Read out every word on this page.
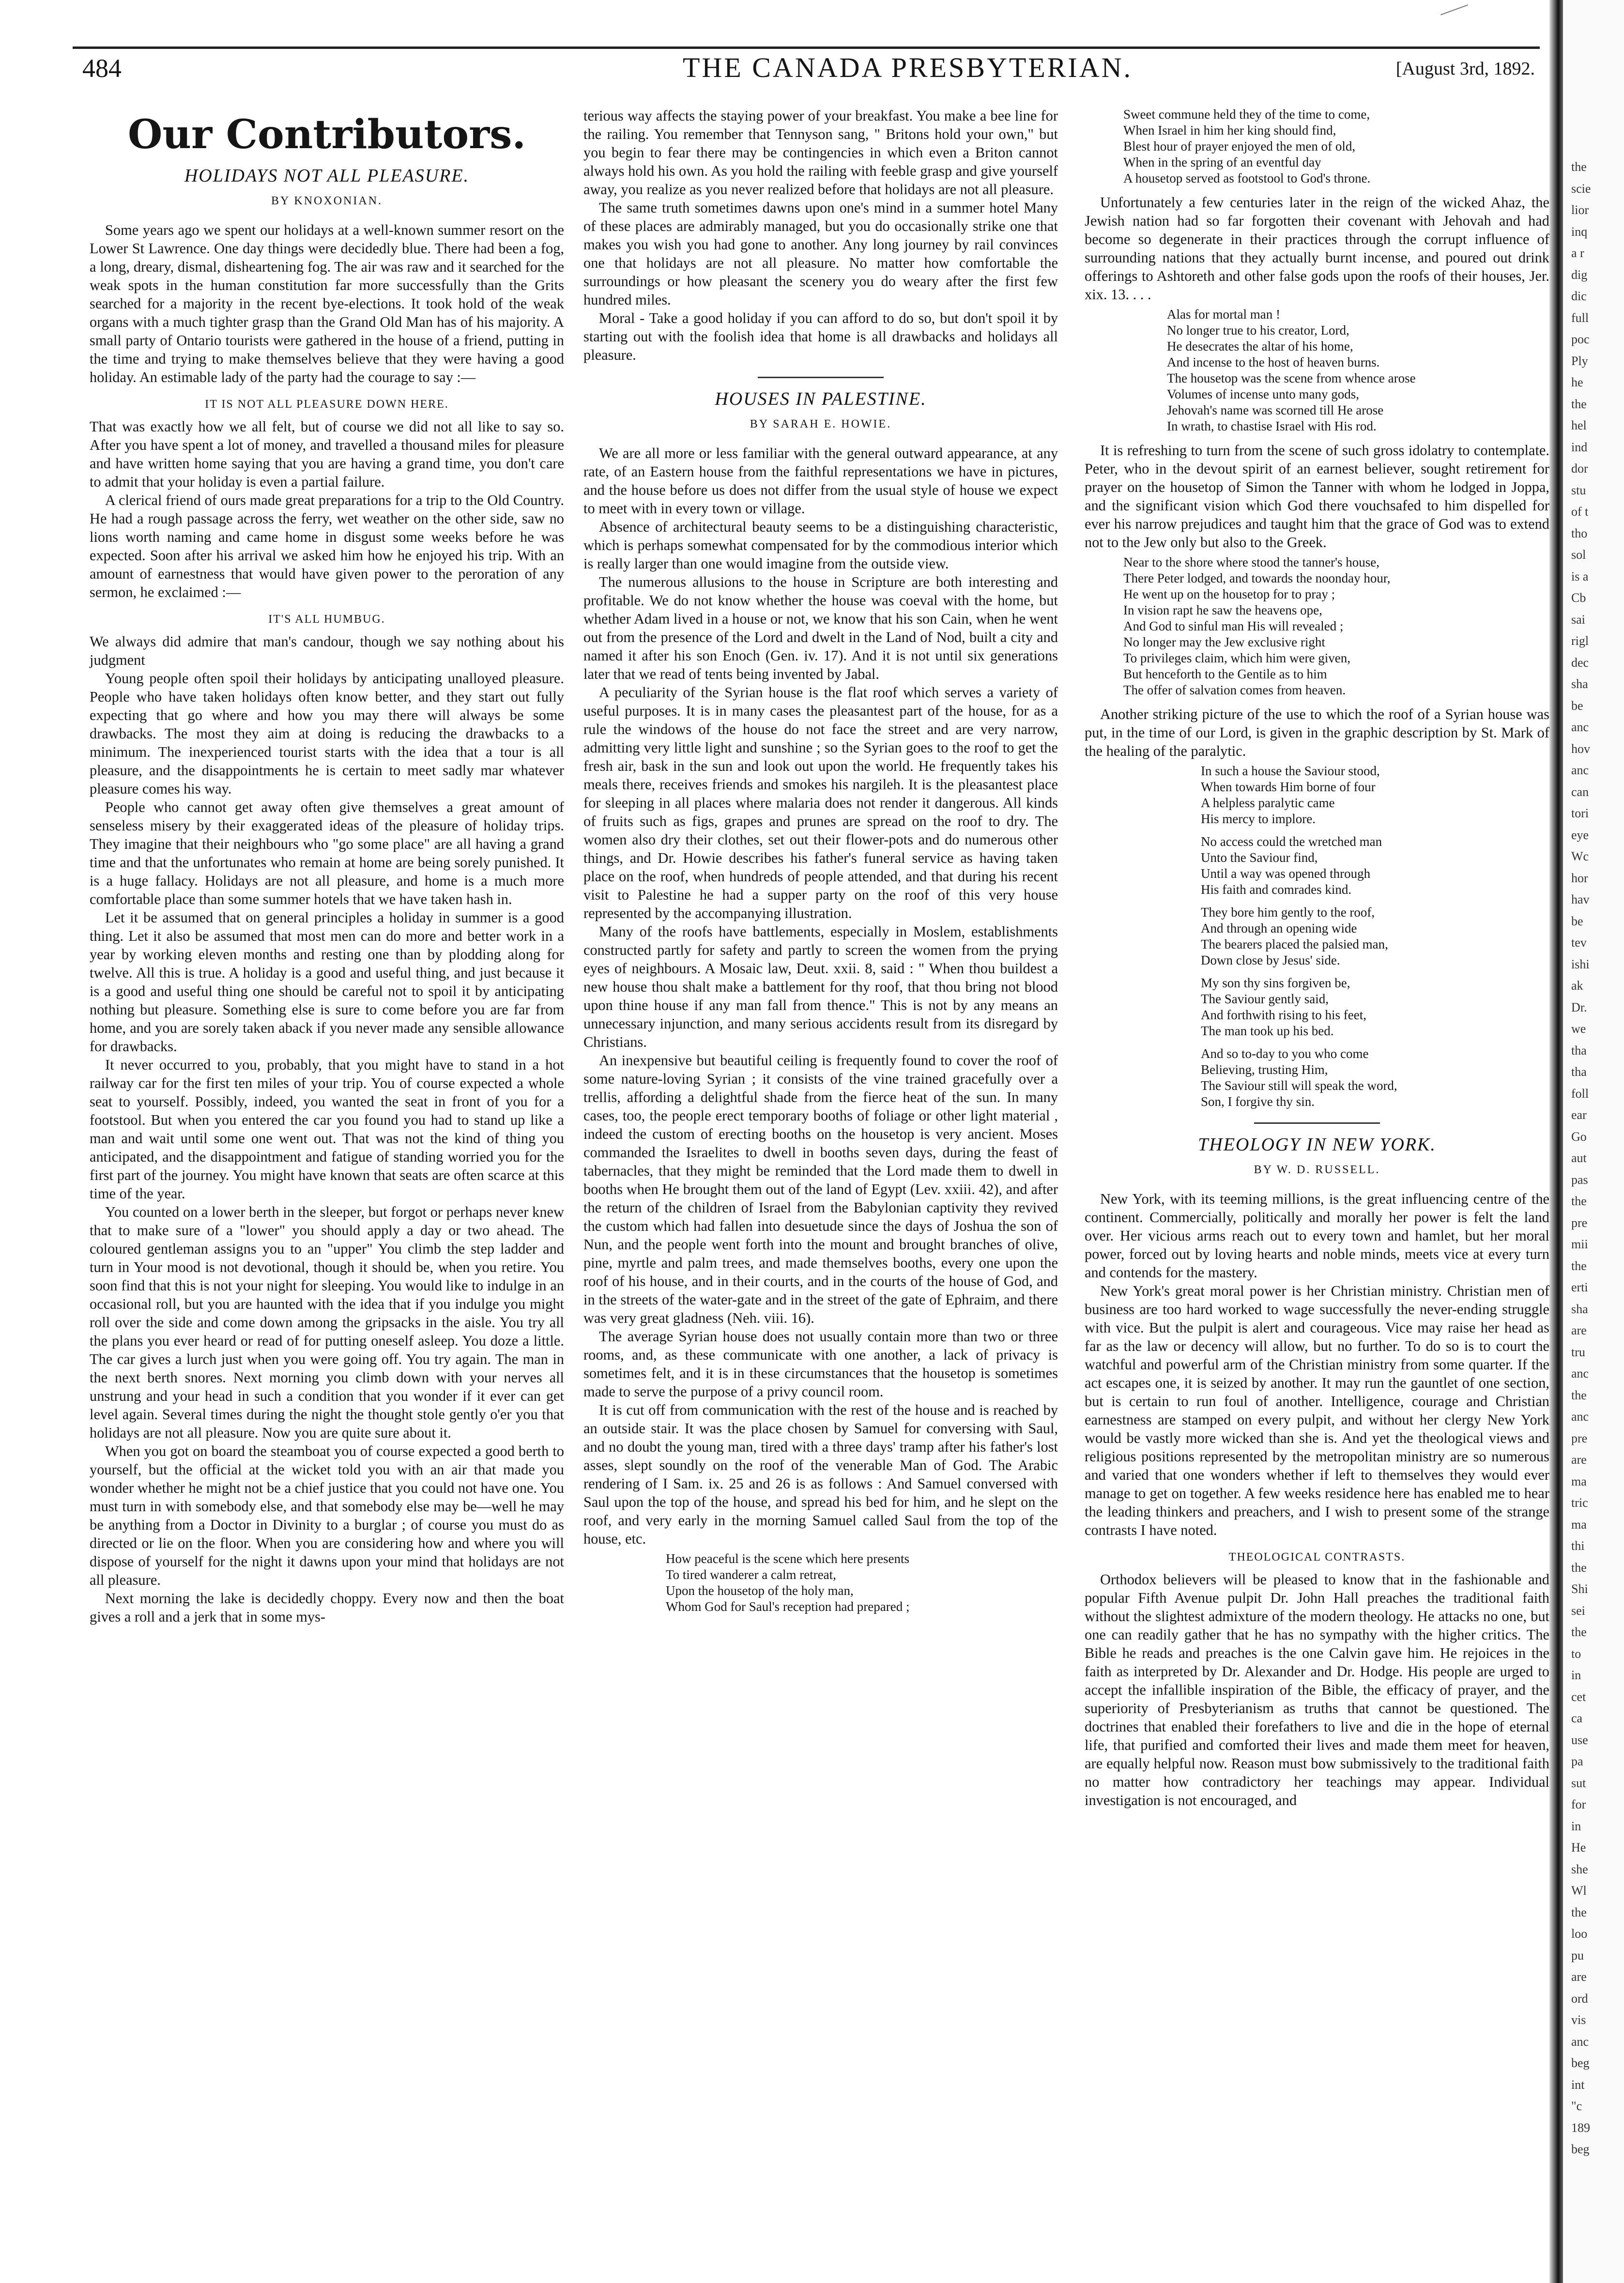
484	THE CANADA PRESBYTERIAN.	[August 3rd, 1892.
Our Contributors.
HOLIDAYS NOT ALL PLEASURE.
BY KNOXONIAN.

Some years ago we spent our holidays at a well-known summer resort on the Lower St Lawrence. One day things were decidedly blue. There had been a fog, a long, dreary, dismal, disheartening fog. The air was raw and it searched for the weak spots in the human constitution far more successfully than the Grits searched for a majority in the recent bye-elections. It took hold of the weak organs with a much tighter grasp than the Grand Old Man has of his majority. A small party of Ontario tourists were gathered in the house of a friend, putting in the time and trying to make themselves believe that they were having a good holiday. An estimable lady of the party had the courage to say :—

IT IS NOT ALL PLEASURE DOWN HERE.

That was exactly how we all felt, but of course we did not all like to say so. After you have spent a lot of money, and travelled a thousand miles for pleasure and have written home saying that you are having a grand time, you don't care to admit that your holiday is even a partial failure.

A clerical friend of ours made great preparations for a trip to the Old Country. He had a rough passage across the ferry, wet weather on the other side, saw no lions worth naming and came home in disgust some weeks before he was expected. Soon after his arrival we asked him how he enjoyed his trip. With an amount of earnestness that would have given power to the peroration of any sermon, he exclaimed :—

IT'S ALL HUMBUG.

We always did admire that man's candour, though we say nothing about his judgment

Young people often spoil their holidays by anticipating unalloyed pleasure. People who have taken holidays often know better, and they start out fully expecting that go where and how you may there will always be some drawbacks. The most they aim at doing is reducing the drawbacks to a minimum. The inexperienced tourist starts with the idea that a tour is all pleasure, and the disappointments he is certain to meet sadly mar whatever pleasure comes his way.

People who cannot get away often give themselves a great amount of senseless misery by their exaggerated ideas of the pleasure of holiday trips. They imagine that their neighbours who "go some place" are all having a grand time and that the unfortunates who remain at home are being sorely punished. It is a huge fallacy. Holidays are not all pleasure, and home is a much more comfortable place than some summer hotels that we have taken hash in.

Let it be assumed that on general principles a holiday in summer is a good thing. Let it also be assumed that most men can do more and better work in a year by working eleven months and resting one than by plodding along for twelve. All this is true. A holiday is a good and useful thing, and just because it is a good and useful thing one should be careful not to spoil it by anticipating nothing but pleasure. Something else is sure to come before you are far from home, and you are sorely taken aback if you never made any sensible allowance for drawbacks.

It never occurred to you, probably, that you might have to stand in a hot railway car for the first ten miles of your trip. You of course expected a whole seat to yourself. Possibly, indeed, you wanted the seat in front of you for a footstool. But when you entered the car you found you had to stand up like a man and wait until some one went out. That was not the kind of thing you anticipated, and the disappointment and fatigue of standing worried you for the first part of the journey. You might have known that seats are often scarce at this time of the year.

You counted on a lower berth in the sleeper, but forgot or perhaps never knew that to make sure of a "lower" you should apply a day or two ahead. The coloured gentleman assigns you to an "upper" You climb the step ladder and turn in Your mood is not devotional, though it should be, when you retire. You soon find that this is not your night for sleeping. You would like to indulge in an occasional roll, but you are haunted with the idea that if you indulge you might roll over the side and come down among the gripsacks in the aisle. You try all the plans you ever heard or read of for putting oneself asleep. You doze a little. The car gives a lurch just when you were going off. You try again. The man in the next berth snores. Next morning you climb down with your nerves all unstrung and your head in such a condition that you wonder if it ever can get level again. Several times during the night the thought stole gently o'er you that holidays are not all pleasure. Now you are quite sure about it.

When you got on board the steamboat you of course expected a good berth to yourself, but the official at the wicket told you with an air that made you wonder whether he might not be a chief justice that you could not have one. You must turn in with somebody else, and that somebody else may be—well he may be anything from a Doctor in Divinity to a burglar ; of course you must do as directed or lie on the floor. When you are considering how and where you will dispose of yourself for the night it dawns upon your mind that holidays are not all pleasure.

Next morning the lake is decidedly choppy. Every now and then the boat gives a roll and a jerk that in some mys-

terious way affects the staying power of your breakfast. You make a bee line for the railing. You remember that Tennyson sang, " Britons hold your own," but you begin to fear there may be contingencies in which even a Briton cannot always hold his own. As you hold the railing with feeble grasp and give yourself away, you realize as you never realized before that holidays are not all pleasure.

The same truth sometimes dawns upon one's mind in a summer hotel Many of these places are admirably managed, but you do occasionally strike one that makes you wish you had gone to another. Any long journey by rail convinces one that holidays are not all pleasure. No matter how comfortable the surroundings or how pleasant the scenery you do weary after the first few hundred miles.

Moral - Take a good holiday if you can afford to do so, but don't spoil it by starting out with the foolish idea that home is all drawbacks and holidays all pleasure.

HOUSES IN PALESTINE.
BY SARAH E. HOWIE.

We are all more or less familiar with the general outward appearance, at any rate, of an Eastern house from the faithful representations we have in pictures, and the house before us does not differ from the usual style of house we expect to meet with in every town or village.

Absence of architectural beauty seems to be a distinguishing characteristic, which is perhaps somewhat compensated for by the commodious interior which is really larger than one would imagine from the outside view.

The numerous allusions to the house in Scripture are both interesting and profitable. We do not know whether the house was coeval with the home, but whether Adam lived in a house or not, we know that his son Cain, when he went out from the presence of the Lord and dwelt in the Land of Nod, built a city and named it after his son Enoch (Gen. iv. 17). And it is not until six generations later that we read of tents being invented by Jabal.

A peculiarity of the Syrian house is the flat roof which serves a variety of useful purposes. It is in many cases the pleasantest part of the house, for as a rule the windows of the house do not face the street and are very narrow, admitting very little light and sunshine ; so the Syrian goes to the roof to get the fresh air, bask in the sun and look out upon the world. He frequently takes his meals there, receives friends and smokes his nargileh. It is the pleasantest place for sleeping in all places where malaria does not render it dangerous. All kinds of fruits such as figs, grapes and prunes are spread on the roof to dry. The women also dry their clothes, set out their flower-pots and do numerous other things, and Dr. Howie describes his father's funeral service as having taken place on the roof, when hundreds of people attended, and that during his recent visit to Palestine he had a supper party on the roof of this very house represented by the accompanying illustration.

Many of the roofs have battlements, especially in Moslem, establishments constructed partly for safety and partly to screen the women from the prying eyes of neighbours. A Mosaic law, Deut. xxii. 8, said : " When thou buildest a new house thou shalt make a battlement for thy roof, that thou bring not blood upon thine house if any man fall from thence." This is not by any means an unnecessary injunction, and many serious accidents result from its disregard by Christians.

An inexpensive but beautiful ceiling is frequently found to cover the roof of some nature-loving Syrian ; it consists of the vine trained gracefully over a trellis, affording a delightful shade from the fierce heat of the sun. In many cases, too, the people erect temporary booths of foliage or other light material , indeed the custom of erecting booths on the housetop is very ancient. Moses commanded the Israelites to dwell in booths seven days, during the feast of tabernacles, that they might be reminded that the Lord made them to dwell in booths when He brought them out of the land of Egypt (Lev. xxiii. 42), and after the return of the children of Israel from the Babylonian captivity they revived the custom which had fallen into desuetude since the days of Joshua the son of Nun, and the people went forth into the mount and brought branches of olive, pine, myrtle and palm trees, and made themselves booths, every one upon the roof of his house, and in their courts, and in the courts of the house of God, and in the streets of the water-gate and in the street of the gate of Ephraim, and there was very great gladness (Neh. viii. 16).

The average Syrian house does not usually contain more than two or three rooms, and, as these communicate with one another, a lack of privacy is sometimes felt, and it is in these circumstances that the housetop is sometimes made to serve the purpose of a privy council room.

It is cut off from communication with the rest of the house and is reached by an outside stair. It was the place chosen by Samuel for conversing with Saul, and no doubt the young man, tired with a three days' tramp after his father's lost asses, slept soundly on the roof of the venerable Man of God. The Arabic rendering of I Sam. ix. 25 and 26 is as follows : And Samuel conversed with Saul upon the top of the house, and spread his bed for him, and he slept on the roof, and very early in the morning Samuel called Saul from the top of the house, etc.

How peaceful is the scene which here presents
To tired wanderer a calm retreat,
Upon the housetop of the holy man,
Whom God for Saul's reception had prepared ;
Sweet commune held they of the time to come,
When Israel in him her king should find,
Blest hour of prayer enjoyed the men of old,
When in the spring of an eventful day
A housetop served as footstool to God's throne.

Unfortunately a few centuries later in the reign of the wicked Ahaz, the Jewish nation had so far forgotten their covenant with Jehovah and had become so degenerate in their practices through the corrupt influence of surrounding nations that they actually burnt incense, and poured out drink offerings to Ashtoreth and other false gods upon the roofs of their houses, Jer. xix. 13. . . .

Alas for mortal man !
No longer true to his creator, Lord,
He desecrates the altar of his home,
And incense to the host of heaven burns.
The housetop was the scene from whence arose
Volumes of incense unto many gods,
Jehovah's name was scorned till He arose
In wrath, to chastise Israel with His rod.

It is refreshing to turn from the scene of such gross idolatry to contemplate. Peter, who in the devout spirit of an earnest believer, sought retirement for prayer on the housetop of Simon the Tanner with whom he lodged in Joppa, and the significant vision which God there vouchsafed to him dispelled for ever his narrow prejudices and taught him that the grace of God was to extend not to the Jew only but also to the Greek.

Near to the shore where stood the tanner's house,
There Peter lodged, and towards the noonday hour,
He went up on the housetop for to pray ;
In vision rapt he saw the heavens ope,
And God to sinful man His will revealed ;
No longer may the Jew exclusive right
To privileges claim, which him were given,
But henceforth to the Gentile as to him
The offer of salvation comes from heaven.

Another striking picture of the use to which the roof of a Syrian house was put, in the time of our Lord, is given in the graphic description by St. Mark of the healing of the paralytic.

In such a house the Saviour stood,
When towards Him borne of four
A helpless paralytic came
His mercy to implore.
No access could the wretched man
Unto the Saviour find,
Until a way was opened through
His faith and comrades kind.
They bore him gently to the roof,
And through an opening wide
The bearers placed the palsied man,
Down close by Jesus' side.
My son thy sins forgiven be,
The Saviour gently said,
And forthwith rising to his feet,
The man took up his bed.
And so to-day to you who come
Believing, trusting Him,
The Saviour still will speak the word,
Son, I forgive thy sin.
THEOLOGY IN NEW YORK.
BY W. D. RUSSELL.

New York, with its teeming millions, is the great influencing centre of the continent. Commercially, politically and morally her power is felt the land over. Her vicious arms reach out to every town and hamlet, but her moral power, forced out by loving hearts and noble minds, meets vice at every turn and contends for the mastery.

New York's great moral power is her Christian ministry. Christian men of business are too hard worked to wage successfully the never-ending struggle with vice. But the pulpit is alert and courageous. Vice may raise her head as far as the law or decency will allow, but no further. To do so is to court the watchful and powerful arm of the Christian ministry from some quarter. If the act escapes one, it is seized by another. It may run the gauntlet of one section, but is certain to run foul of another. Intelligence, courage and Christian earnestness are stamped on every pulpit, and without her clergy New York would be vastly more wicked than she is. And yet the theological views and religious positions represented by the metropolitan ministry are so numerous and varied that one wonders whether if left to themselves they would ever manage to get on together. A few weeks residence here has enabled me to hear the leading thinkers and preachers, and I wish to present some of the strange contrasts I have noted.

THEOLOGICAL CONTRASTS.

Orthodox believers will be pleased to know that in the fashionable and popular Fifth Avenue pulpit Dr. John Hall preaches the traditional faith without the slightest admixture of the modern theology. He attacks no one, but one can readily gather that he has no sympathy with the higher critics. The Bible he reads and preaches is the one Calvin gave him. He rejoices in the faith as interpreted by Dr. Alexander and Dr. Hodge. His people are urged to accept the infallible inspiration of the Bible, the efficacy of prayer, and the superiority of Presbyterianism as truths that cannot be questioned. The doctrines that enabled their forefathers to live and die in the hope of eternal life, that purified and comforted their lives and made them meet for heaven, are equally helpful now. Reason must bow submissively to the traditional faith no matter how contradictory her teachings may appear. Individual investigation is not encouraged, and

the
scie
lior
inq
a r
dig
dic
full
poc
Ply
he
the
hel
ind
dor
stu
of t
tho
sol
is a
Cb
sai
rigl
dec
sha
be
anc
hov
anc
can
tori
eye
Wc
hor
hav
be
tev
ishi
ak
Dr.
we
tha
tha
foll
ear
Go
aut
pas
the
pre
mii
the
erti
sha
are
tru
anc
the
anc
pre
are
ma
tric
ma
thi
the
Shi
sei
the
to
in
cet
ca
use
pa
sut
for
in
He
she
Wl
the
loo
pu
are
ord
vis
anc
beg
int
"c
189
beg
